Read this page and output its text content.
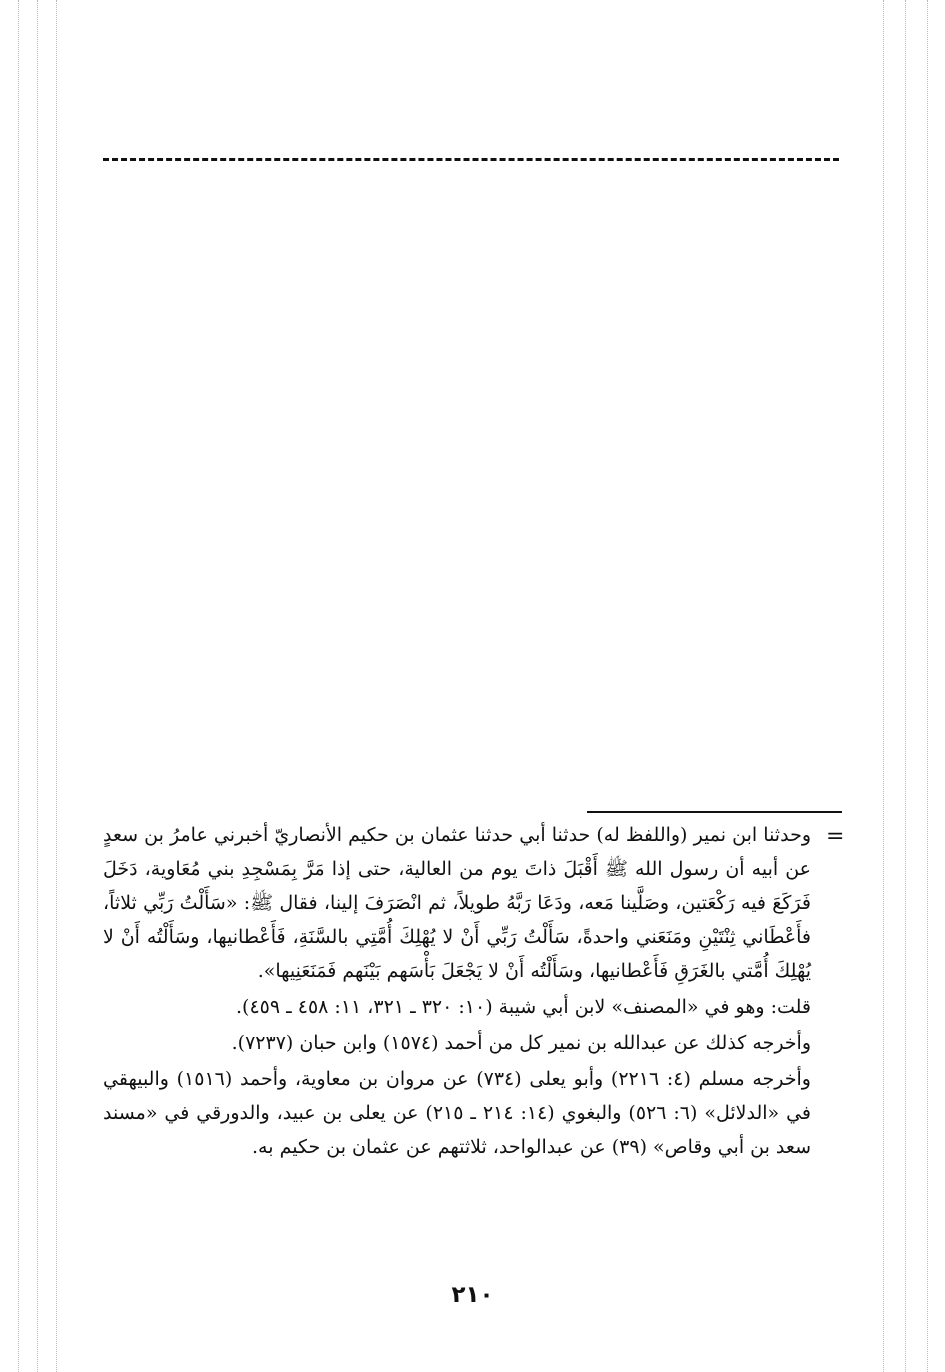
=

وحدثنا ابن نمير (واللفظ له) حدثنا أبي حدثنا عثمان بن حكيم الأنصاريّ أخبرني عامرُ بن سعدٍ عن أبيه أن رسول الله ﷺ أَقْبَلَ ذاتَ يوم من العالية، حتى إذا مَرَّ بِمَسْجِدِ بني مُعَاوية، دَخَلَ فَرَكَعَ فيه رَكْعَتين، وصَلَّينا مَعه، ودَعَا رَبَّهُ طويلاً، ثم انْصَرَفَ إلينا، فقال ﷺ: «سَأَلْتُ رَبِّي ثلاثاً، فأَعْطَاني ثِنْتَيْنِ ومَنَعَني واحدةً، سَأَلْتُ رَبِّي أَنْ لا يُهْلِكَ أُمَّتِي بالسَّنَةِ، فَأَعْطانيها، وسَأَلْتُه أَنْ لا يُهْلِكَ أُمَّتي بالغَرَقِ فَأَعْطانيها، وسَأَلْتُه أَنْ لا يَجْعَلَ بَأْسَهم بَيْنَهم فَمَنَعَنِيها».

قلت: وهو في «المصنف» لابن أبي شيبة (١٠: ٣٢٠ ـ ٣٢١، ١١: ٤٥٨ ـ ٤٥٩).

وأخرجه كذلك عن عبدالله بن نمير كل من أحمد (١٥٧٤) وابن حبان (٧٢٣٧).

وأخرجه مسلم (٤: ٢٢١٦) وأبو يعلى (٧٣٤) عن مروان بن معاوية، وأحمد (١٥١٦) والبيهقي في «الدلائل» (٦: ٥٢٦) والبغوي (١٤: ٢١٤ ـ ٢١٥) عن يعلى بن عبيد، والدورقي في «مسند سعد بن أبي وقاص» (٣٩) عن عبدالواحد، ثلاثتهم عن عثمان بن حكيم به.

٢١٠
